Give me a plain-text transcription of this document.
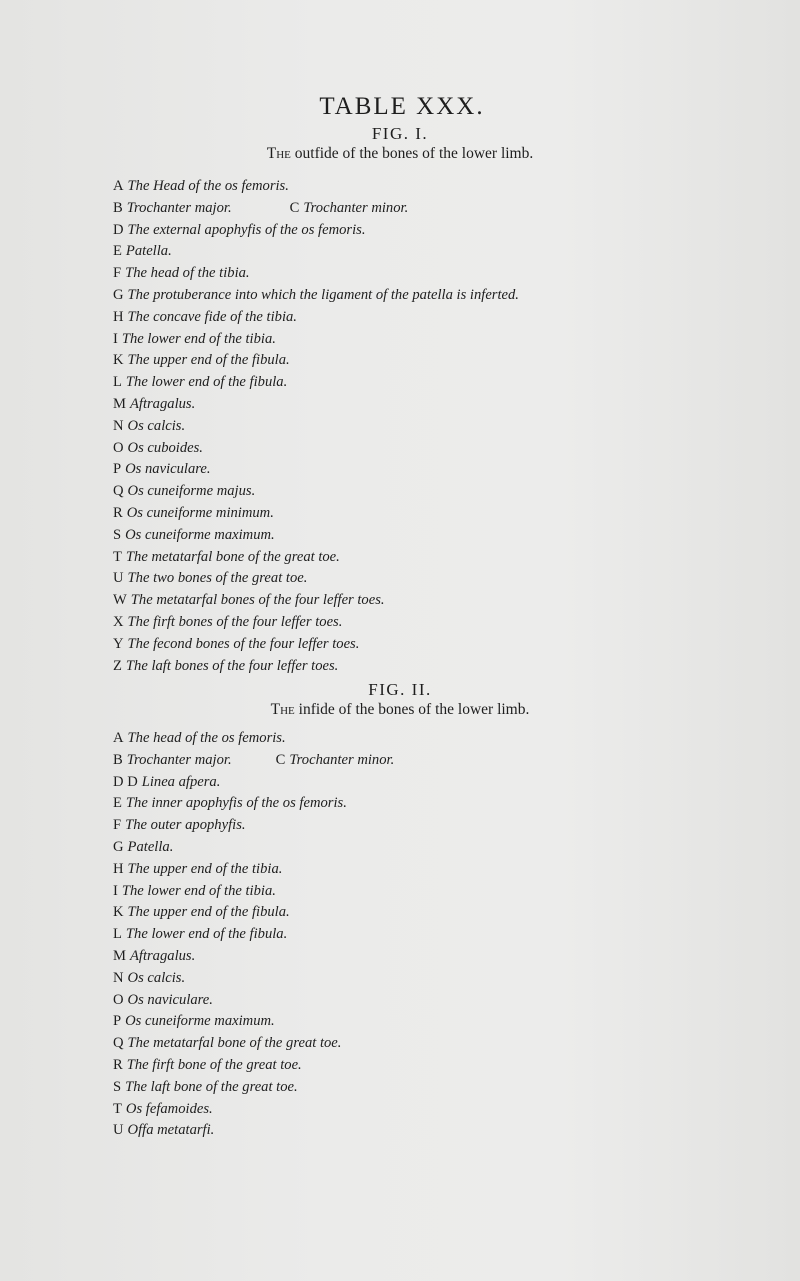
TABLE XXX.
FIG. I.
The outfide of the bones of the lower limb.
A The Head of the os femoris.
B Trochanter major.	C Trochanter minor.
D The external apophyfis of the os femoris.
E Patella.
F The head of the tibia.
G The protuberance into which the ligament of the patella is inferted.
H The concave fide of the tibia.
I The lower end of the tibia.
K The upper end of the fibula.
L The lower end of the fibula.
M Aftragalus.
N Os calcis.
O Os cuboides.
P Os naviculare.
Q Os cuneiforme majus.
R Os cuneiforme minimum.
S Os cuneiforme maximum.
T The metatarfal bone of the great toe.
U The two bones of the great toe.
W The metatarfal bones of the four leffer toes.
X The firft bones of the four leffer toes.
Y The fecond bones of the four leffer toes.
Z The laft bones of the four leffer toes.
FIG. II.
The infide of the bones of the lower limb.
A The head of the os femoris.
B Trochanter major.	C Trochanter minor.
D D Linea afpera.
E The inner apophyfis of the os femoris.
F The outer apophyfis.
G Patella.
H The upper end of the tibia.
I The lower end of the tibia.
K The upper end of the fibula.
L The lower end of the fibula.
M Aftragalus.
N Os calcis.
O Os naviculare.
P Os cuneiforme maximum.
Q The metatarfal bone of the great toe.
R The firft bone of the great toe.
S The laft bone of the great toe.
T Os fefamoides.
U Offa metatarfi.
